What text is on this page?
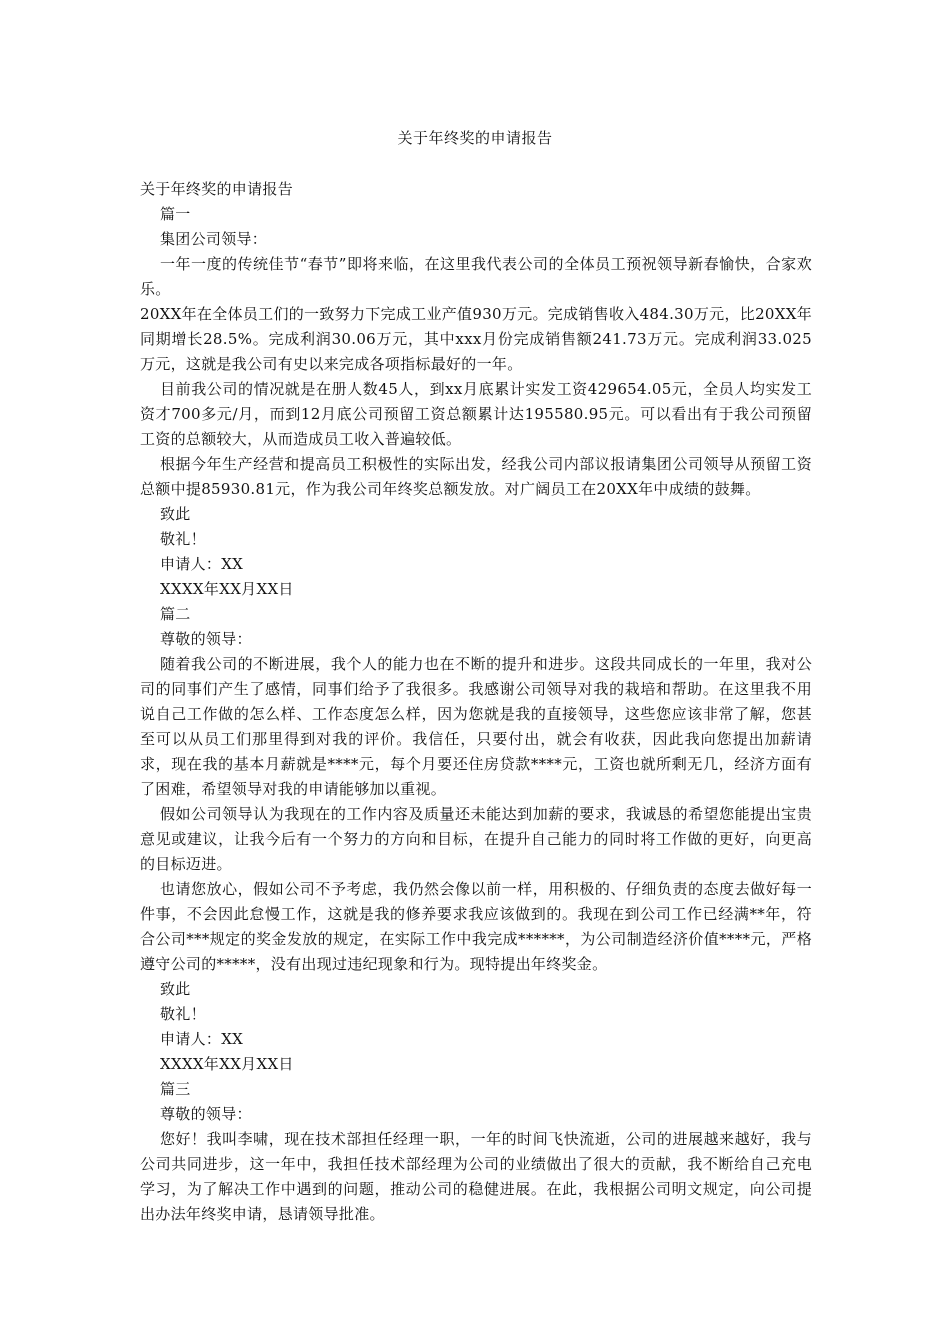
关于年终奖的申请报告

关于年终奖的申请报告

篇一

集团公司领导：

一年一度的传统佳节“春节”即将来临，在这里我代表公司的全体员工预祝领导新春愉快，合家欢乐。

20XX年在全体员工们的一致努力下完成工业产值930万元。完成销售收入484.30万元，比20XX年同期增长28.5%。完成利润30.06万元，其中xxx月份完成销售额241.73万元。完成利润33.025万元，这就是我公司有史以来完成各项指标最好的一年。

目前我公司的情况就是在册人数45人，到xx月底累计实发工资429654.05元，全员人均实发工资才700多元/月，而到12月底公司预留工资总额累计达195580.95元。可以看出有于我公司预留工资的总额较大，从而造成员工收入普遍较低。

根据今年生产经营和提高员工积极性的实际出发，经我公司内部议报请集团公司领导从预留工资总额中提85930.81元，作为我公司年终奖总额发放。对广阔员工在20XX年中成绩的鼓舞。

致此

敬礼！

申请人：XX

XXXX年XX月XX日

篇二

尊敬的领导：

随着我公司的不断进展，我个人的能力也在不断的提升和进步。这段共同成长的一年里，我对公司的同事们产生了感情，同事们给予了我很多。我感谢公司领导对我的栽培和帮助。在这里我不用说自己工作做的怎么样、工作态度怎么样，因为您就是我的直接领导，这些您应该非常了解，您甚至可以从员工们那里得到对我的评价。我信任，只要付出，就会有收获，因此我向您提出加薪请求，现在我的基本月薪就是****元，每个月要还住房贷款****元，工资也就所剩无几，经济方面有了困难，希望领导对我的申请能够加以重视。

假如公司领导认为我现在的工作内容及质量还未能达到加薪的要求，我诚恳的希望您能提出宝贵意见或建议，让我今后有一个努力的方向和目标，在提升自己能力的同时将工作做的更好，向更高的目标迈进。

也请您放心，假如公司不予考虑，我仍然会像以前一样，用积极的、仔细负责的态度去做好每一件事，不会因此怠慢工作，这就是我的修养要求我应该做到的。我现在到公司工作已经满**年，符合公司***规定的奖金发放的规定，在实际工作中我完成******，为公司制造经济价值****元，严格遵守公司的*****，没有出现过违纪现象和行为。现特提出年终奖金。

致此

敬礼！

申请人：XX

XXXX年XX月XX日

篇三

尊敬的领导：

您好！我叫李啸，现在技术部担任经理一职，一年的时间飞快流逝，公司的进展越来越好，我与公司共同进步，这一年中，我担任技术部经理为公司的业绩做出了很大的贡献，我不断给自己充电学习，为了解决工作中遇到的问题，推动公司的稳健进展。在此，我根据公司明文规定，向公司提出办法年终奖申请，恳请领导批准。
